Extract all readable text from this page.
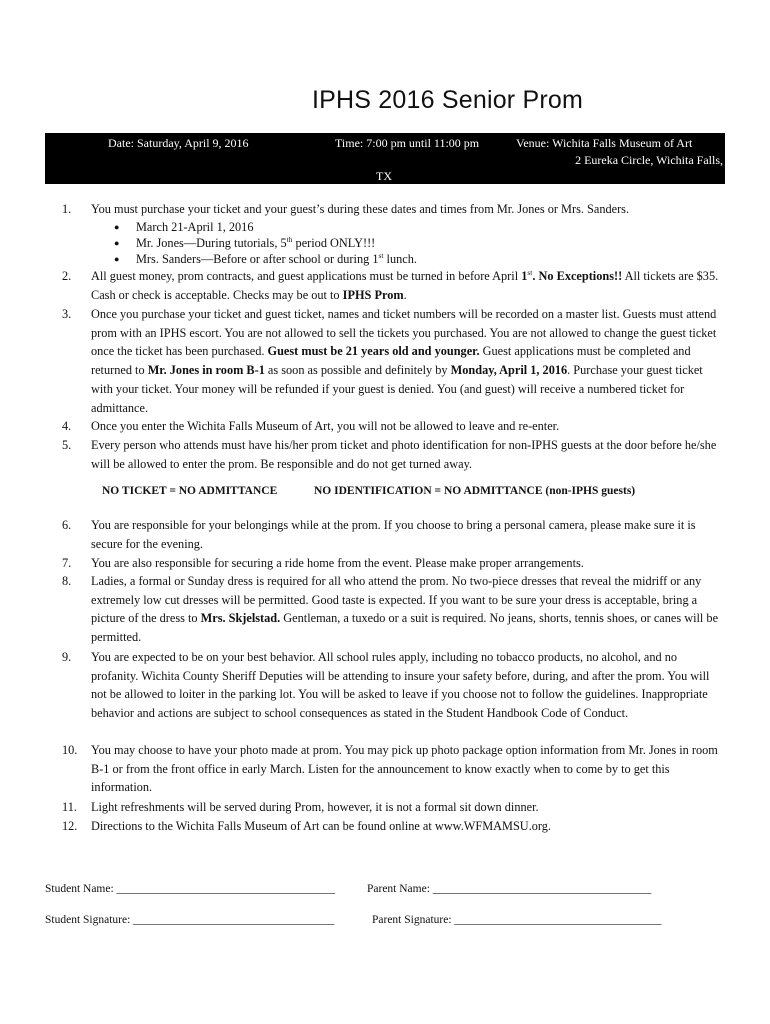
IPHS 2016 Senior Prom
Date: Saturday, April 9, 2016	Time: 7:00 pm until 11:00 pm	Venue: Wichita Falls Museum of Art
2 Eureka Circle, Wichita Falls,
TX
1.	You must purchase your ticket and your guest’s during these dates and times from Mr. Jones or Mrs. Sanders.
● March 21-April 1, 2016
● Mr. Jones—During tutorials, 5th period ONLY!!!
● Mrs. Sanders—Before or after school or during 1st lunch.
2.	All guest money, prom contracts, and guest applications must be turned in before April 1st. No Exceptions!! All tickets are $35. Cash or check is acceptable. Checks may be out to IPHS Prom.
3.	Once you purchase your ticket and guest ticket, names and ticket numbers will be recorded on a master list. Guests must attend prom with an IPHS escort. You are not allowed to sell the tickets you purchased. You are not allowed to change the guest ticket once the ticket has been purchased. Guest must be 21 years old and younger. Guest applications must be completed and returned to Mr. Jones in room B-1 as soon as possible and definitely by Monday, April 1, 2016. Purchase your guest ticket with your ticket. Your money will be refunded if your guest is denied. You (and guest) will receive a numbered ticket for admittance.
4.	Once you enter the Wichita Falls Museum of Art, you will not be allowed to leave and re-enter.
5.	Every person who attends must have his/her prom ticket and photo identification for non-IPHS guests at the door before he/she will be allowed to enter the prom. Be responsible and do not get turned away.
NO TICKET = NO ADMITTANCE	NO IDENTIFICATION = NO ADMITTANCE (non-IPHS guests)
6.	You are responsible for your belongings while at the prom. If you choose to bring a personal camera, please make sure it is secure for the evening.
7.	You are also responsible for securing a ride home from the event. Please make proper arrangements.
8.	Ladies, a formal or Sunday dress is required for all who attend the prom. No two-piece dresses that reveal the midriff or any extremely low cut dresses will be permitted. Good taste is expected. If you want to be sure your dress is acceptable, bring a picture of the dress to Mrs. Skjelstad. Gentleman, a tuxedo or a suit is required. No jeans, shorts, tennis shoes, or canes will be permitted.
9.	You are expected to be on your best behavior. All school rules apply, including no tobacco products, no alcohol, and no profanity. Wichita County Sheriff Deputies will be attending to insure your safety before, during, and after the prom. You will not be allowed to loiter in the parking lot. You will be asked to leave if you choose not to follow the guidelines. Inappropriate behavior and actions are subject to school consequences as stated in the Student Handbook Code of Conduct.
10.	You may choose to have your photo made at prom. You may pick up photo package option information from Mr. Jones in room B-1 or from the front office in early March. Listen for the announcement to know exactly when to come by to get this information.
11.	Light refreshments will be served during Prom, however, it is not a formal sit down dinner.
12.	Directions to the Wichita Falls Museum of Art can be found online at www.WFMAMSU.org.
Student Name: ______________________________________	Parent Name: ______________________________________
Student Signature: ___________________________________	Parent Signature: ____________________________________
